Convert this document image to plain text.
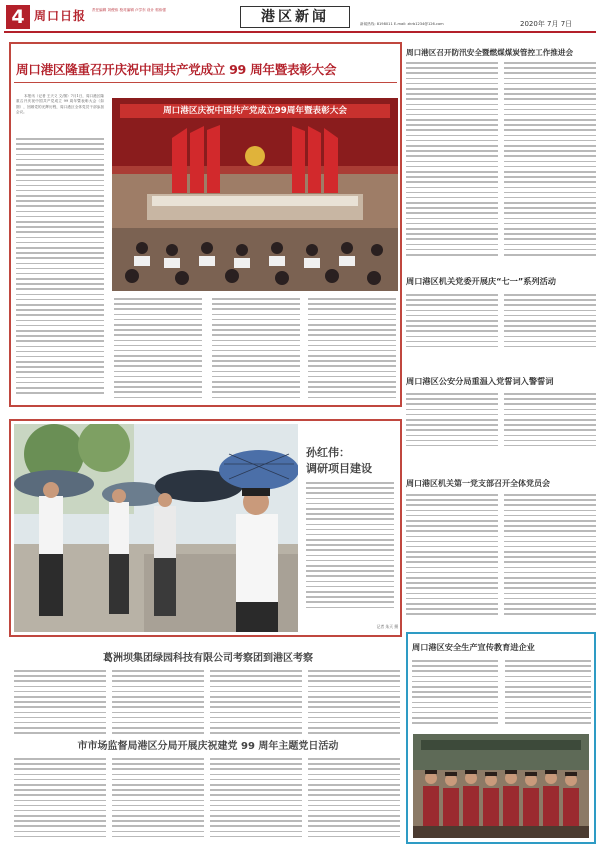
4 周口日报 责任编辑 刘俊伟 校对编辑 卢学东 设计 郭伟强	港区新闻	新闻热线: 8198011 E-mail: zkrb1234@126.com	2020年 7月 7日
周口港区隆重召开庆祝中国共产党成立 99 周年暨表彰大会
周口港区庆祝中国共产党成立99周年暨表彰大会
本报讯（记者 王天义 文/图）7月1日，周口港区隆重召开庆祝中国共产党成立 99 周年暨表彰大会（如图），回顾党的光辉历程，周口港区全体党员干部参加会议。
周口港区召开防汛安全暨燃煤煤炭管控工作推进会
周口港区机关党委开展庆“七一”系列活动
周口港区公安分局重温入党誓词入警誓词
周口港区机关第一党支部召开全体党员会
孙红伟：
调研项目建设
记者 朱天 摄
葛洲坝集团绿园科技有限公司考察团到港区考察
市市场监督局港区分局开展庆祝建党 99 周年主题党日活动
周口港区安全生产宣传教育进企业
